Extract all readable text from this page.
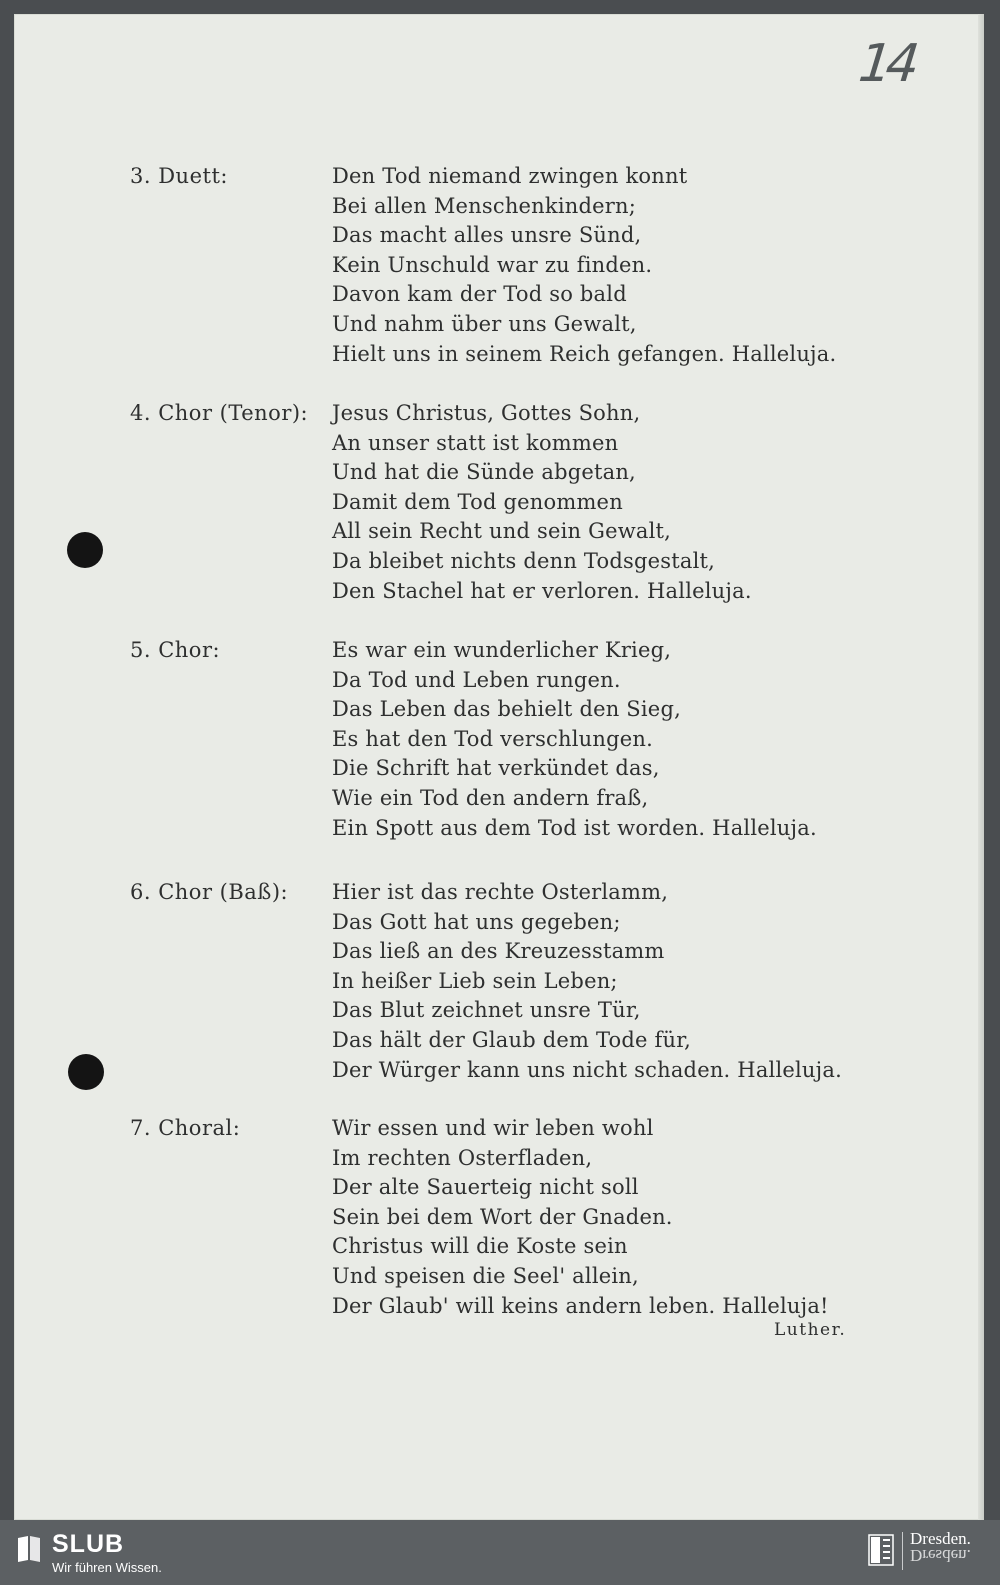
14
3. Duett:	Den Tod niemand zwingen konnt
Bei allen Menschenkindern;
Das macht alles unsre Sünd,
Kein Unschuld war zu finden.
Davon kam der Tod so bald
Und nahm über uns Gewalt,
Hielt uns in seinem Reich gefangen. Halleluja.
4. Chor (Tenor): Jesus Christus, Gottes Sohn,
An unser statt ist kommen
Und hat die Sünde abgetan,
Damit dem Tod genommen
All sein Recht und sein Gewalt,
Da bleibet nichts denn Todsgestalt,
Den Stachel hat er verloren. Halleluja.
5. Chor:	Es war ein wunderlicher Krieg,
Da Tod und Leben rungen.
Das Leben das behielt den Sieg,
Es hat den Tod verschlungen.
Die Schrift hat verkündet das,
Wie ein Tod den andern fraß,
Ein Spott aus dem Tod ist worden. Halleluja.
6. Chor (Baß): Hier ist das rechte Osterlamm,
Das Gott hat uns gegeben;
Das ließ an des Kreuzesstamm
In heißer Lieb sein Leben;
Das Blut zeichnet unsre Tür,
Das hält der Glaub dem Tode für,
Der Würger kann uns nicht schaden. Halleluja.
7. Choral:	Wir essen und wir leben wohl
Im rechten Osterfladen,
Der alte Sauerteig nicht soll
Sein bei dem Wort der Gnaden.
Christus will die Koste sein
Und speisen die Seel' allein,
Der Glaub' will keins andern leben. Halleluja!
Luther.
SLUB
Wir führen Wissen.
Dresden.
Dresden.
